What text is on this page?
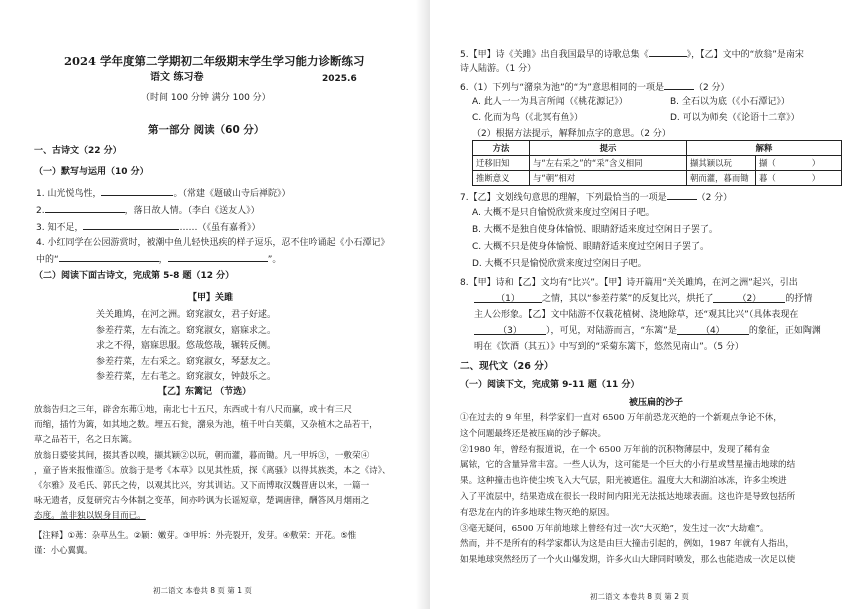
2024 学年度第二学期初二年级期末学生学习能力诊断练习
语文 练习卷	2025.6
（时间 100 分钟 满分 100 分）
第一部分 阅读（60 分）
一、古诗文（22 分）
（一）默写与运用（10 分）
1. 山光悦鸟性，	。（常建《题破山寺后禅院》）
2.	，落日故人情。（李白《送友人》）
3. 知不足，	……（《虽有嘉肴》）
4. 小红同学在公园游赏时，被潮中鱼儿轻快迅疾的样子逗乐，忍不住吟诵起《小石潭记》
中的“	，	”。
（二）阅读下面古诗文，完成第 5-8 题（12 分）
【甲】关雎
关关雎鸠，在河之洲。窈窕淑女，君子好逑。
参差荇菜，左右流之。窈窕淑女，寤寐求之。
求之不得，寤寐思服。悠哉悠哉，辗转反侧。
参差荇菜，左右采之。窈窕淑女，琴瑟友之。
参差荇菜，左右芼之。窈窕淑女，钟鼓乐之。
【乙】东篱记 （节选）
放翁告归之三年，辟舍东茀①地，南北七十五尺，东西或十有八尺而赢，或十有三尺
而缩，插竹为篱，如其地之数。埋五石瓮，潴泉为池，植千叶白芙蕖，又杂植木之品若干，
草之品若干，名之曰东篱。
放翁日婆娑其间，掇其香以嗅，撷其颖②以玩，朝而灌，暮而锄。凡一甲坼③，一敷荣④
，童子皆来报惟谨⑤。放翁于是考《本草》以见其性质，探《离骚》以得其族类，本之《诗》、
《尔雅》及毛氏、郭氏之传，以观其比兴，穷其训诂。又下而博取汉魏晋唐以来，一篇一
咏无遗者，反复研究古今体制之变革，间亦吟讽为长谣短章，楚调唐律，酬答风月烟雨之
态度。盖非独以娱身目而已。
【注释】①茀：杂草丛生。②颖：嫩芽。③甲坼：外壳裂开，发芽。④敷荣：开花。⑤惟
谨：小心翼翼。
初二语文 本卷共 8 页 第 1 页
5.【甲】诗《关雎》出自我国最早的诗歌总集《	》，【乙】文中的“放翁”是南宋
诗人陆游。（1 分）
6.（1）下列与“潴泉为池”的“为”意思相同的一项是	（2 分）
A. 此人一一为具言所闻（《桃花源记》）	B. 全石以为底（《小石潭记》）
C. 化而为鸟（《北冥有鱼》）	D. 可以为师矣（《论语十二章》）
（2）根据方法提示，解释加点字的意思。（2 分）
方法	提示	解释	
迁移旧知	与“左右采之”的“采”含义相同	撷其颖以玩	撷（ ）
推断意义	与“朝”相对	朝而灌，暮而锄	暮（ ）
7.【乙】文划线句意思的理解，下列最恰当的一项是	（2 分）
A. 大概不是只自愉悦欣赏来度过空闲日子吧。
B. 大概不是独自使身体愉悦、眼睛舒适来度过空闲日子罢了。
C. 大概不只是使身体愉悦、眼睛舒适来度过空闲日子罢了。
D. 大概不只是愉悦欣赏来度过空闲日子吧。
8.【甲】诗和【乙】文均有“比兴”。【甲】诗开篇用“关关雎鸠，在河之洲”起兴，引出
（1） 之情，其以“参差荇菜”的反复比兴，烘托了	（2）	的抒情
主人公形象。【乙】文中陆游不仅栽花植树、浇地除草，还“观其比兴”（具体表现在
（3）	），可见，对陆游而言，“东篱”是	（4）	的象征，正如陶渊
明在《饮酒（其五）》中写到的“采菊东篱下，悠然见南山”。（5 分）
二、现代文（26 分）
（一）阅读下文，完成第 9-11 题（11 分）
被压扁的沙子
①在过去的 9 年里，科学家们一直对 6500 万年前恐龙灭绝的一个新观点争论不休，
这个问题最终还是被压扁的沙子解决。
②1980 年，曾经有报道说，在一个 6500 万年前的沉积物薄层中，发现了稀有金
属铱，它的含量异常丰富。一些人认为，这可能是一个巨大的小行星或彗星撞击地球的结
果。这种撞击也许使尘埃飞入大气层，阳光被遮住。温度大大和湖泊冰冻，许多尘埃进
入了平流层中，结果造成在很长一段时间内阳光无法抵达地球表面。这也许是导致包括所
有恐龙在内的许多地球生物灭绝的原因。
③毫无疑问，6500 万年前地球上曾经有过一次“大灭绝”，发生过一次“大劫难”。
然而，并不是所有的科学家都认为这是由巨大撞击引起的，例如，1987 年就有人指出，
如果地球突然经历了一个火山爆发期，许多火山大肆同时喷发，那么也能造成一次足以使
初二语文 本卷共 8 页 第 2 页
